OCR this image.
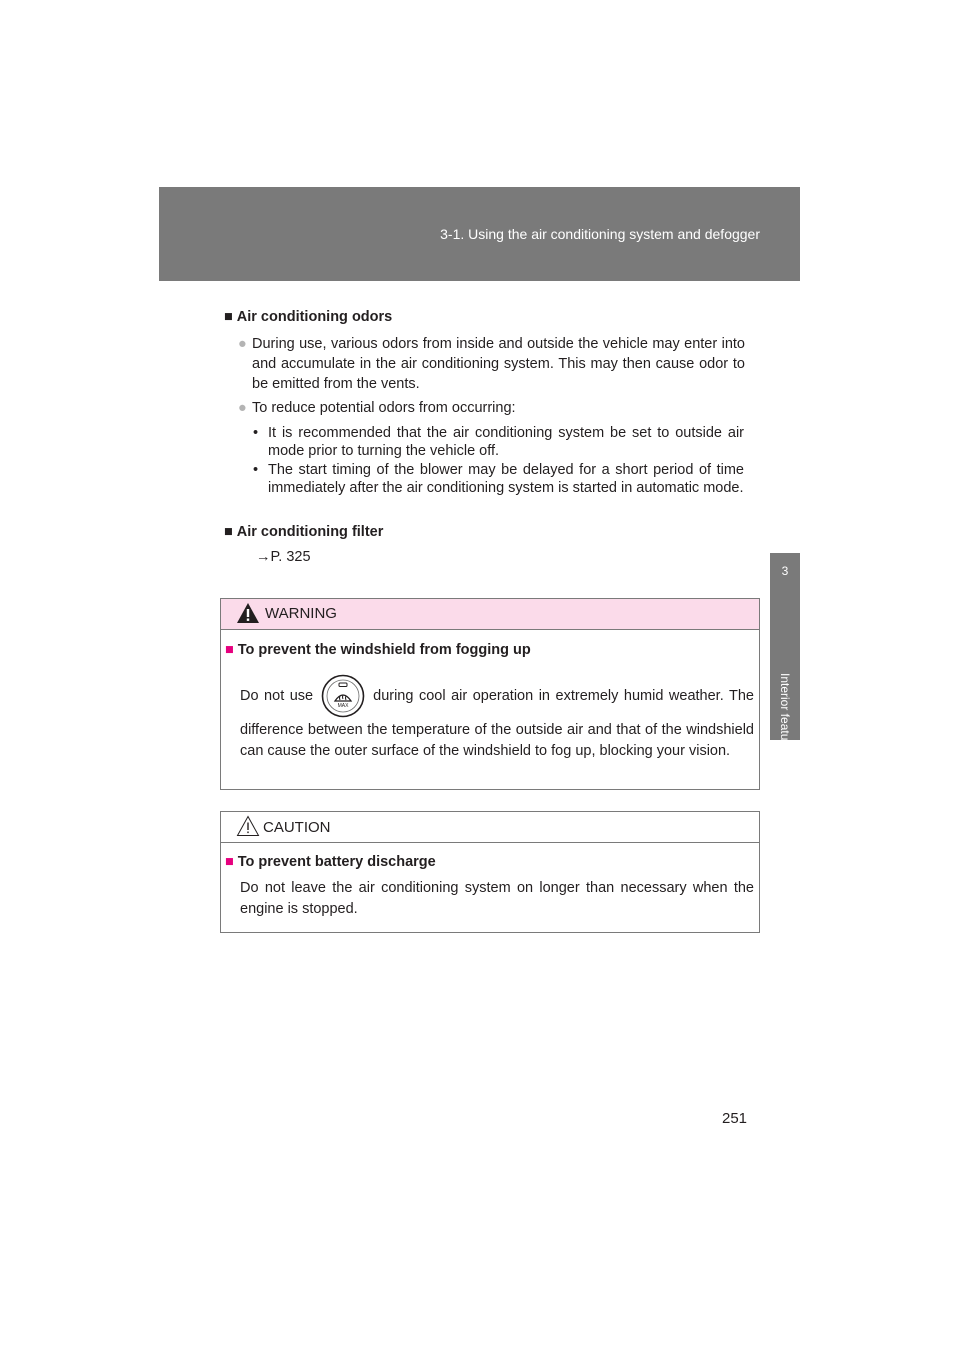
3-1. Using the air conditioning system and defogger
3
Interior features
■ Air conditioning odors
● During use, various odors from inside and outside the vehicle may enter into and accumulate in the air conditioning system. This may then cause odor to be emitted from the vents.
● To reduce potential odors from occurring:
• It is recommended that the air conditioning system be set to outside air mode prior to turning the vehicle off.
• The start timing of the blower may be delayed for a short period of time immediately after the air conditioning system is started in automatic mode.
■ Air conditioning filter
→P. 325
WARNING
■ To prevent the windshield from fogging up
Do not use
MAX
during cool air operation in extremely humid weather. The
difference between the temperature of the outside air and that of the windshield can cause the outer surface of the windshield to fog up, blocking your vision.
CAUTION
■ To prevent battery discharge
Do not leave the air conditioning system on longer than necessary when the engine is stopped.
251
